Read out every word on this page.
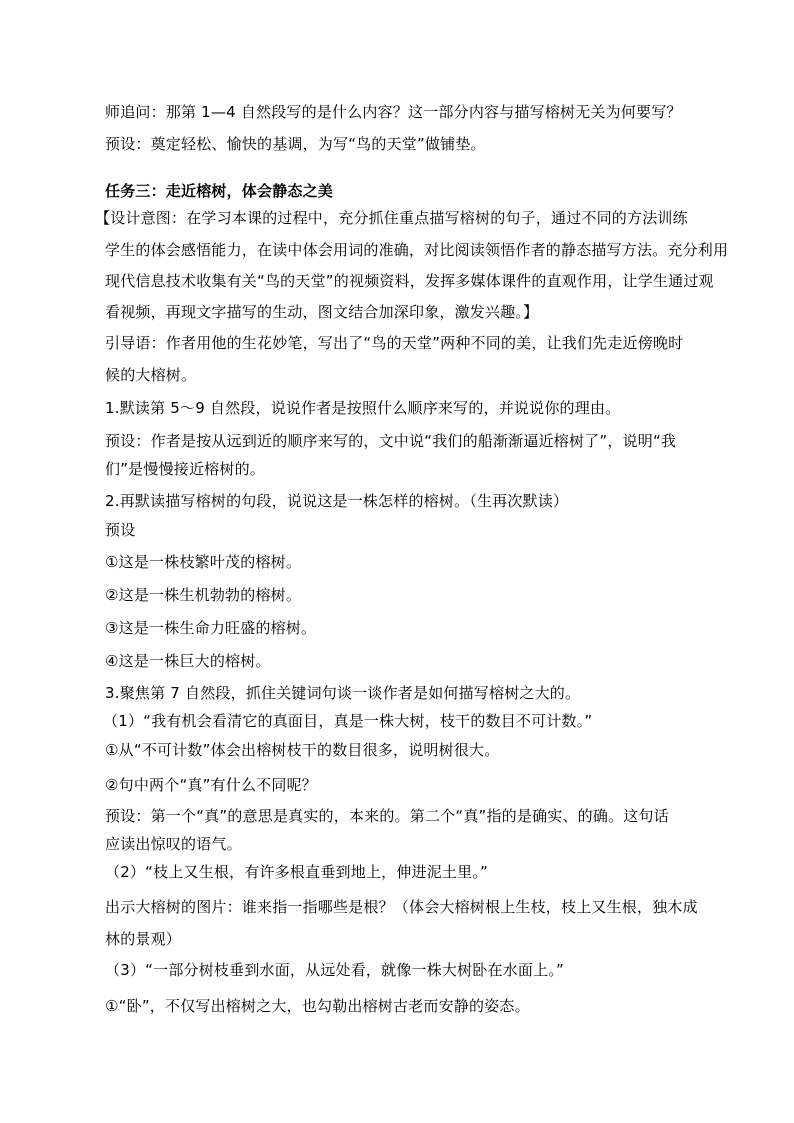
师追问：那第 1—4 自然段写的是什么内容？这一部分内容与描写榕树无关为何要写？
预设：奠定轻松、愉快的基调，为写“鸟的天堂”做铺垫。
任务三：走近榕树，体会静态之美
【设计意图：在学习本课的过程中，充分抓住重点描写榕树的句子，通过不同的方法训练
学生的体会感悟能力，在读中体会用词的准确，对比阅读领悟作者的静态描写方法。充分利用
现代信息技术收集有关“鸟的天堂”的视频资料，发挥多媒体课件的直观作用，让学生通过观
看视频，再现文字描写的生动，图文结合加深印象，激发兴趣。】
引导语：作者用他的生花妙笔，写出了“鸟的天堂”两种不同的美，让我们先走近傍晚时
候的大榕树。
1.默读第 5～9 自然段，说说作者是按照什么顺序来写的，并说说你的理由。
预设：作者是按从远到近的顺序来写的，文中说“我们的船渐渐逼近榕树了”，说明“我
们”是慢慢接近榕树的。
2.再默读描写榕树的句段，说说这是一株怎样的榕树。（生再次默读）
预设
①这是一株枝繁叶茂的榕树。
②这是一株生机勃勃的榕树。
③这是一株生命力旺盛的榕树。
④这是一株巨大的榕树。
3.聚焦第 7 自然段，抓住关键词句谈一谈作者是如何描写榕树之大的。
（1）“我有机会看清它的真面目，真是一株大树，枝干的数目不可计数。”
①从“不可计数”体会出榕树枝干的数目很多，说明树很大。
②句中两个“真”有什么不同呢？
预设：第一个“真”的意思是真实的，本来的。第二个“真”指的是确实、的确。这句话
应读出惊叹的语气。
（2）“枝上又生根，有许多根直垂到地上，伸进泥土里。”
出示大榕树的图片：谁来指一指哪些是根？（体会大榕树根上生枝，枝上又生根，独木成
林的景观）
（3）“一部分树枝垂到水面，从远处看，就像一株大树卧在水面上。”
①“卧”，不仅写出榕树之大，也勾勒出榕树古老而安静的姿态。
